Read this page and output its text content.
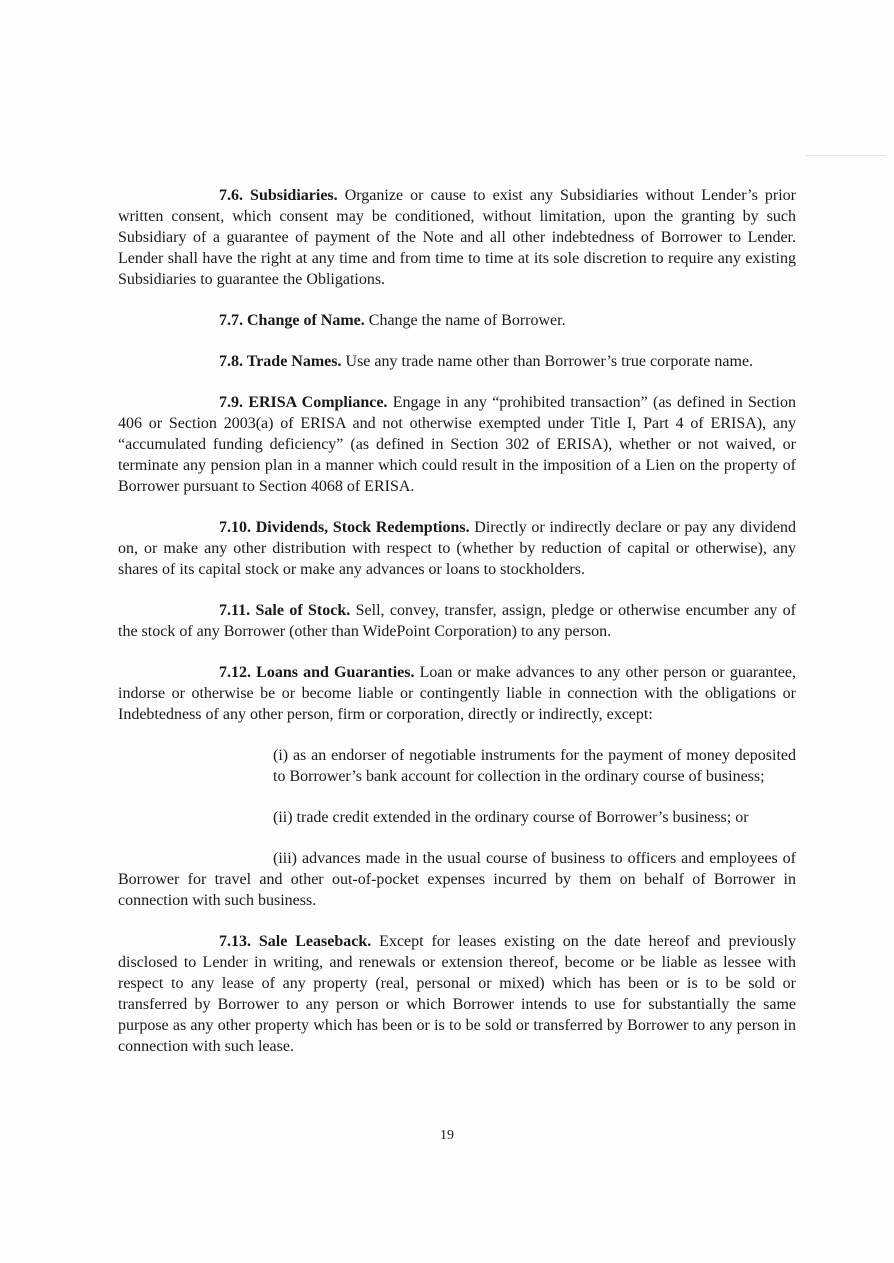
7.6. Subsidiaries. Organize or cause to exist any Subsidiaries without Lender’s prior written consent, which consent may be conditioned, without limitation, upon the granting by such Subsidiary of a guarantee of payment of the Note and all other indebtedness of Borrower to Lender. Lender shall have the right at any time and from time to time at its sole discretion to require any existing Subsidiaries to guarantee the Obligations.

7.7. Change of Name. Change the name of Borrower.

7.8. Trade Names. Use any trade name other than Borrower’s true corporate name.

7.9. ERISA Compliance. Engage in any “prohibited transaction” (as defined in Section 406 or Section 2003(a) of ERISA and not otherwise exempted under Title I, Part 4 of ERISA), any “accumulated funding deficiency” (as defined in Section 302 of ERISA), whether or not waived, or terminate any pension plan in a manner which could result in the imposition of a Lien on the property of Borrower pursuant to Section 4068 of ERISA.

7.10. Dividends, Stock Redemptions. Directly or indirectly declare or pay any dividend on, or make any other distribution with respect to (whether by reduction of capital or otherwise), any shares of its capital stock or make any advances or loans to stockholders.

7.11. Sale of Stock. Sell, convey, transfer, assign, pledge or otherwise encumber any of the stock of any Borrower (other than WidePoint Corporation) to any person.

7.12. Loans and Guaranties. Loan or make advances to any other person or guarantee, indorse or otherwise be or become liable or contingently liable in connection with the obligations or Indebtedness of any other person, firm or corporation, directly or indirectly, except:

(i) as an endorser of negotiable instruments for the payment of money deposited to Borrower’s bank account for collection in the ordinary course of business;

(ii) trade credit extended in the ordinary course of Borrower’s business; or

(iii) advances made in the usual course of business to officers and employees of Borrower for travel and other out-of-pocket expenses incurred by them on behalf of Borrower in connection with such business.

7.13. Sale Leaseback. Except for leases existing on the date hereof and previously disclosed to Lender in writing, and renewals or extension thereof, become or be liable as lessee with respect to any lease of any property (real, personal or mixed) which has been or is to be sold or transferred by Borrower to any person or which Borrower intends to use for substantially the same purpose as any other property which has been or is to be sold or transferred by Borrower to any person in connection with such lease.

19
